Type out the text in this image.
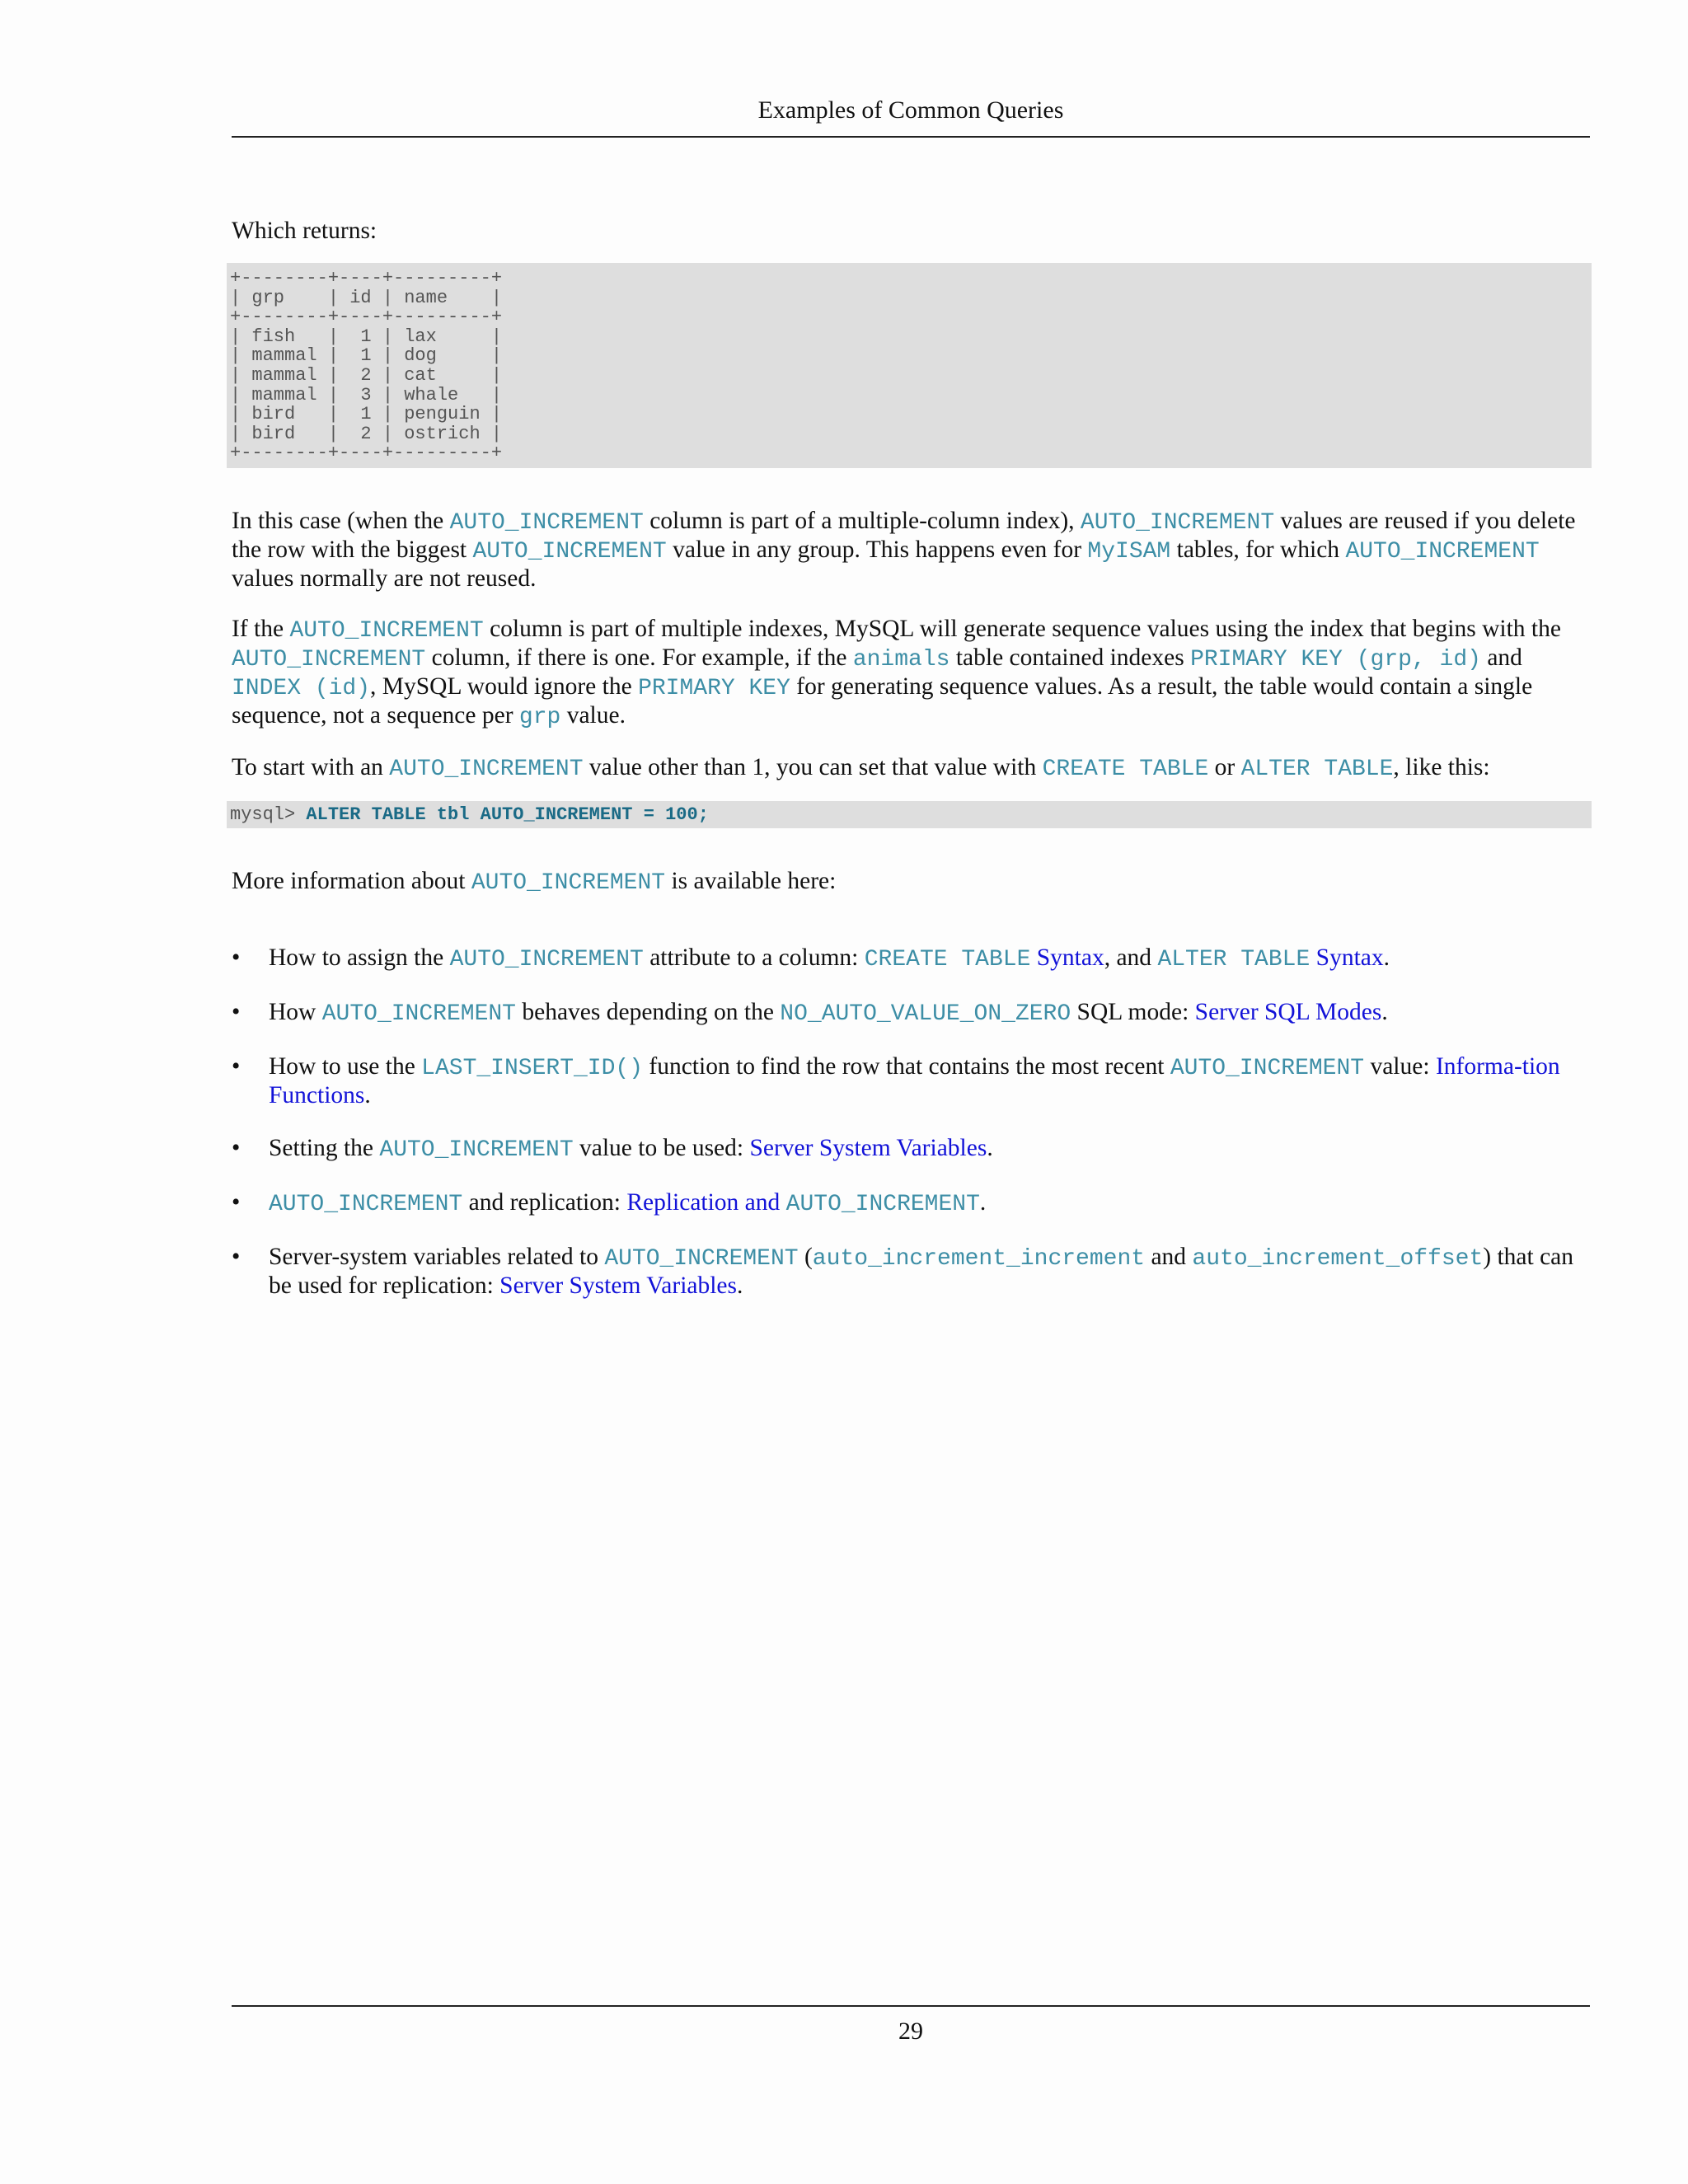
Examples of Common Queries

Which returns:

+--------+----+---------+
| grp    | id | name    |
+--------+----+---------+
| fish   |  1 | lax     |
| mammal |  1 | dog     |
| mammal |  2 | cat     |
| mammal |  3 | whale   |
| bird   |  1 | penguin |
| bird   |  2 | ostrich |
+--------+----+---------+

In this case (when the AUTO_INCREMENT column is part of a multiple-column index), AUTO_INCREMENT values are reused if you delete the row with the biggest AUTO_INCREMENT value in any group. This happens even for MyISAM tables, for which AUTO_INCREMENT values normally are not reused.

If the AUTO_INCREMENT column is part of multiple indexes, MySQL will generate sequence values using the index that begins with the AUTO_INCREMENT column, if there is one. For example, if the animals table contained indexes PRIMARY KEY (grp, id) and INDEX (id), MySQL would ignore the PRIMARY KEY for generating sequence values. As a result, the table would contain a single sequence, not a sequence per grp value.

To start with an AUTO_INCREMENT value other than 1, you can set that value with CREATE TABLE or ALTER TABLE, like this:

mysql> ALTER TABLE tbl AUTO_INCREMENT = 100;

More information about AUTO_INCREMENT is available here:

• How to assign the AUTO_INCREMENT attribute to a column: CREATE TABLE Syntax, and ALTER TABLE Syntax.
• How AUTO_INCREMENT behaves depending on the NO_AUTO_VALUE_ON_ZERO SQL mode: Server SQL Modes.
• How to use the LAST_INSERT_ID() function to find the row that contains the most recent AUTO_INCREMENT value: Informa-tion Functions.
• Setting the AUTO_INCREMENT value to be used: Server System Variables.
• AUTO_INCREMENT and replication: Replication and AUTO_INCREMENT.
• Server-system variables related to AUTO_INCREMENT (auto_increment_increment and auto_increment_offset) that can be used for replication: Server System Variables.
29
